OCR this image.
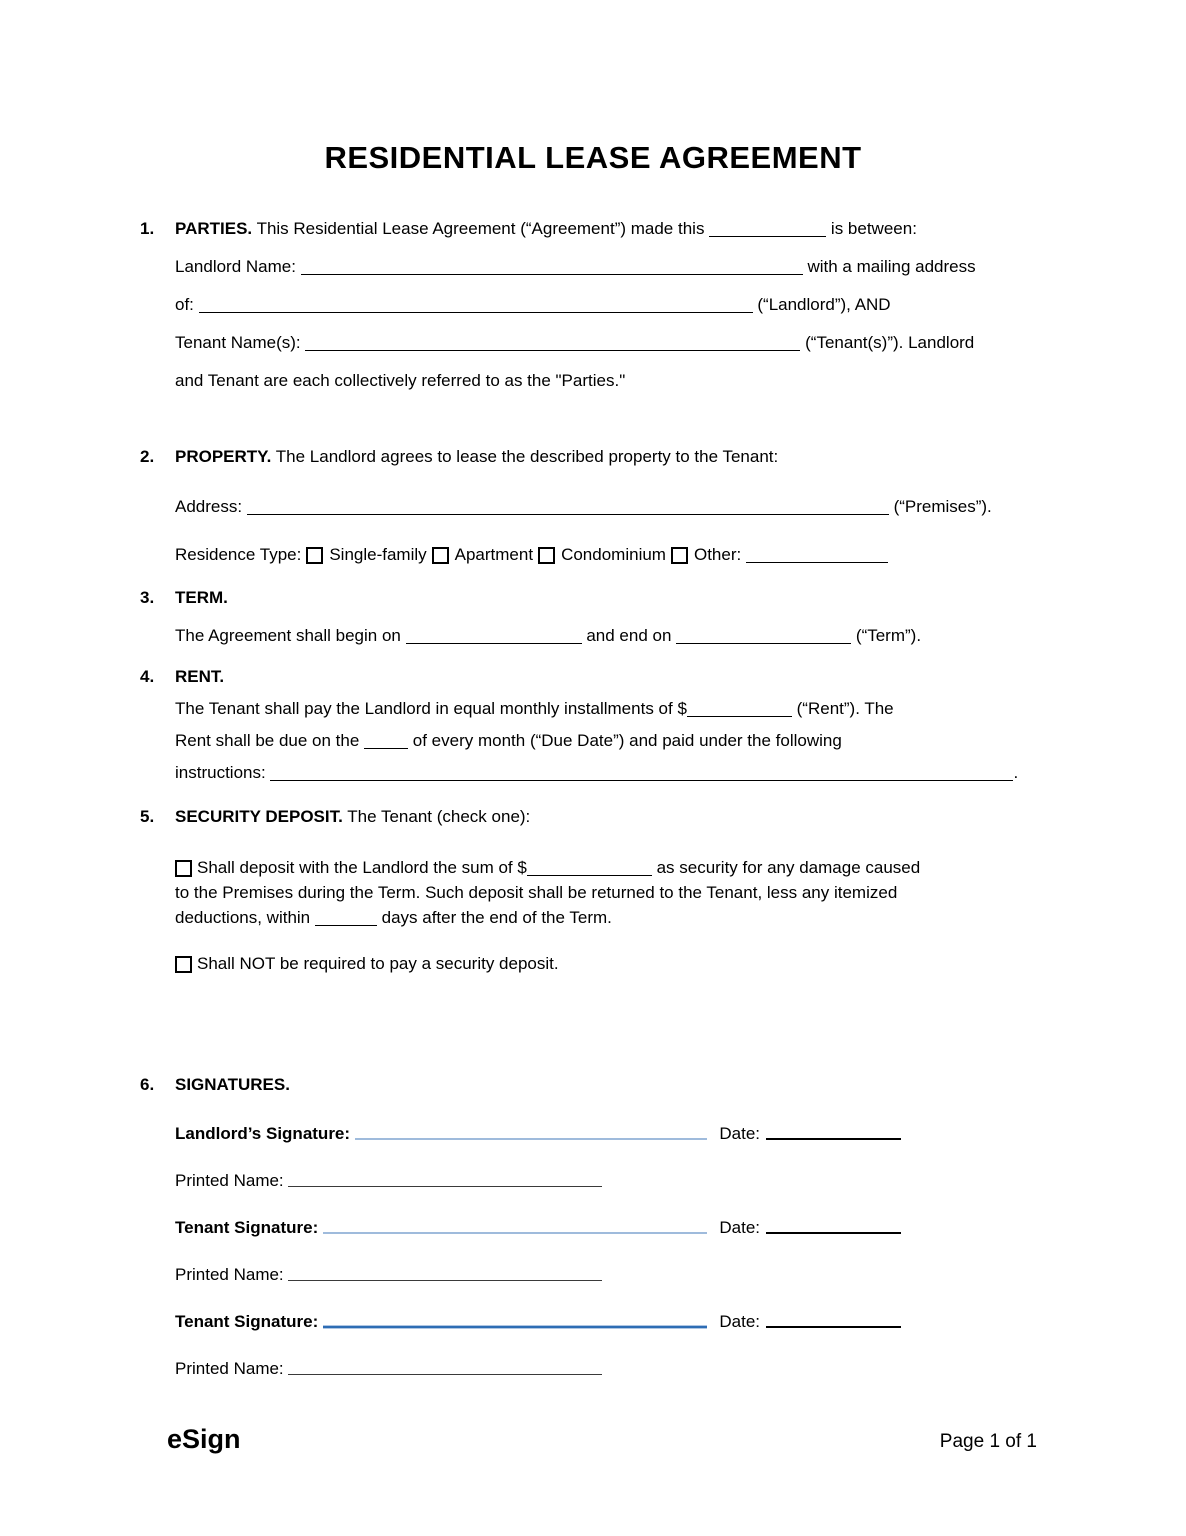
RESIDENTIAL LEASE AGREEMENT
1.	PARTIES. This Residential Lease Agreement (“Agreement”) made this	is between:
Landlord Name:	with a mailing address
of:	(“Landlord”), AND
Tenant Name(s):	(“Tenant(s)”). Landlord
and Tenant are each collectively referred to as the "Parties."
2.	PROPERTY. The Landlord agrees to lease the described property to the Tenant:
Address:	(“Premises”).
Residence Type: Single-family Apartment Condominium Other:
3.	TERM.
The Agreement shall begin on	and end on	(“Term”).
4.	RENT.
The Tenant shall pay the Landlord in equal monthly installments of $	(“Rent”). The
Rent shall be due on the	of every month (“Due Date”) and paid under the following
instructions:	.
5.	SECURITY DEPOSIT. The Tenant (check one):
Shall deposit with the Landlord the sum of $	as security for any damage caused
to the Premises during the Term. Such deposit shall be returned to the Tenant, less any itemized
deductions, within	days after the end of the Term.
Shall NOT be required to pay a security deposit.
6.	SIGNATURES.
Landlord’s Signature:	Date:
Printed Name:
Tenant Signature:	Date:
Printed Name:
Tenant Signature:	Date:
Printed Name:
eSign	Page 1 of 1
